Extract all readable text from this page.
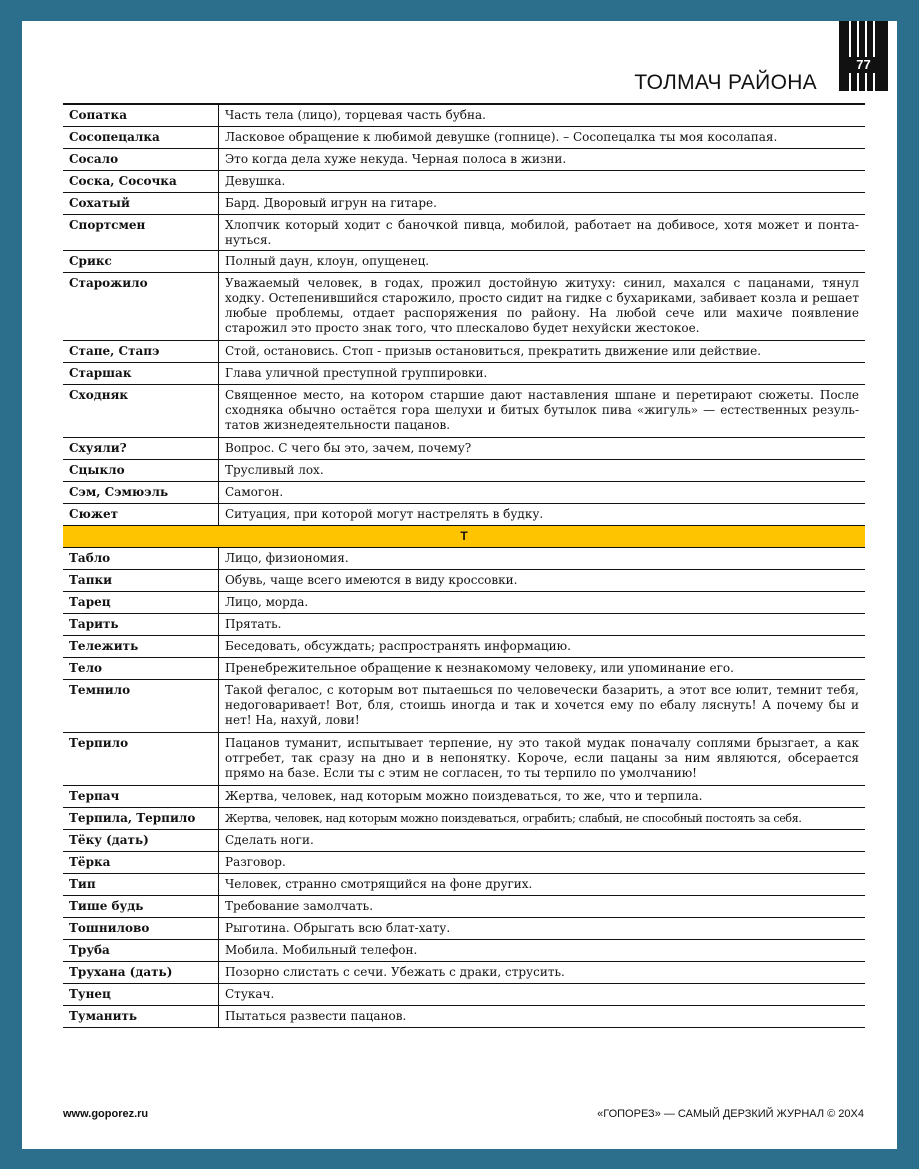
77
ТОЛМАЧ РАЙОНА
Сопатка	Часть тела (лицо), торцевая часть бубна.
Сосопецалка	Ласковое обращение к любимой девушке (гопнице). – Сосопецалка ты моя косолапая.
Сосало	Это когда дела хуже некуда. Черная полоса в жизни.
Соска, Сосочка	Девушка.
Сохатый	Бард. Дворовый игрун на гитаре.
Спортсмен	Хлопчик который ходит с баночкой пивца, мобилой, работает на добивосе, хотя может и понта-нуться.
Срикс	Полный даун, клоун, опущенец.
Старожило	Уважаемый человек, в годах, прожил достойную житуху: синил, махался с пацанами, тянул ходку. Остепенившийся старожило, просто сидит на гидке с бухариками, забивает козла и решает любые проблемы, отдает распоряжения по району. На любой сече или махиче появление старожил это просто знак того, что плескалово будет нехуйски жестокое.
Стапе, Стапэ	Стой, остановись. Стоп - призыв остановиться, прекратить движение или действие.
Старшак	Глава уличной преступной группировки.
Сходняк	Священное место, на котором старшие дают наставления шпане и перетирают сюжеты. После сходняка обычно остаётся гора шелухи и битых бутылок пива «жигуль» — естественных резуль-татов жизнедеятельности пацанов.
Схуяли?	Вопрос. С чего бы это, зачем, почему?
Сцыкло	Трусливый лох.
Сэм, Сэмюэль	Самогон.
Сюжет	Ситуация, при которой могут настрелять в будку.
Т
Табло	Лицо, физиономия.
Тапки	Обувь, чаще всего имеются в виду кроссовки.
Тарец	Лицо, морда.
Тарить	Прятать.
Тележить	Беседовать, обсуждать; распространять информацию.
Тело	Пренебрежительное обращение к незнакомому человеку, или упоминание его.
Темнило	Такой фегалос, с которым вот пытаешься по человечески базарить, а этот все юлит, темнит тебя, недоговаривает! Вот, бля, стоишь иногда и так и хочется ему по ебалу ляснуть! А почему бы и нет! На, нахуй, лови!
Терпило	Пацанов туманит, испытывает терпение, ну это такой мудак поначалу соплями брызгает, а как отгребет, так сразу на дно и в непонятку. Короче, если пацаны за ним являются, обсерается прямо на базе. Если ты с этим не согласен, то ты терпило по умолчанию!
Терпач	Жертва, человек, над которым можно поиздеваться, то же, что и терпила.
Терпила, Терпило	Жертва, человек, над которым можно поиздеваться, ограбить; слабый, не способный постоять за себя.
Тёку (дать)	Сделать ноги.
Тёрка	Разговор.
Тип	Человек, странно смотрящийся на фоне других.
Тише будь	Требование замолчать.
Тошнилово	Рыготина. Обрыгать всю блат-хату.
Труба	Мобила. Мобильный телефон.
Трухана (дать)	Позорно слистать с сечи. Убежать с драки, струсить.
Тунец	Стукач.
Туманить	Пытаться развести пацанов.
www.goporez.ru	«ГОПОРЕЗ» — САМЫЙ ДЕРЗКИЙ ЖУРНАЛ © 20Х4
